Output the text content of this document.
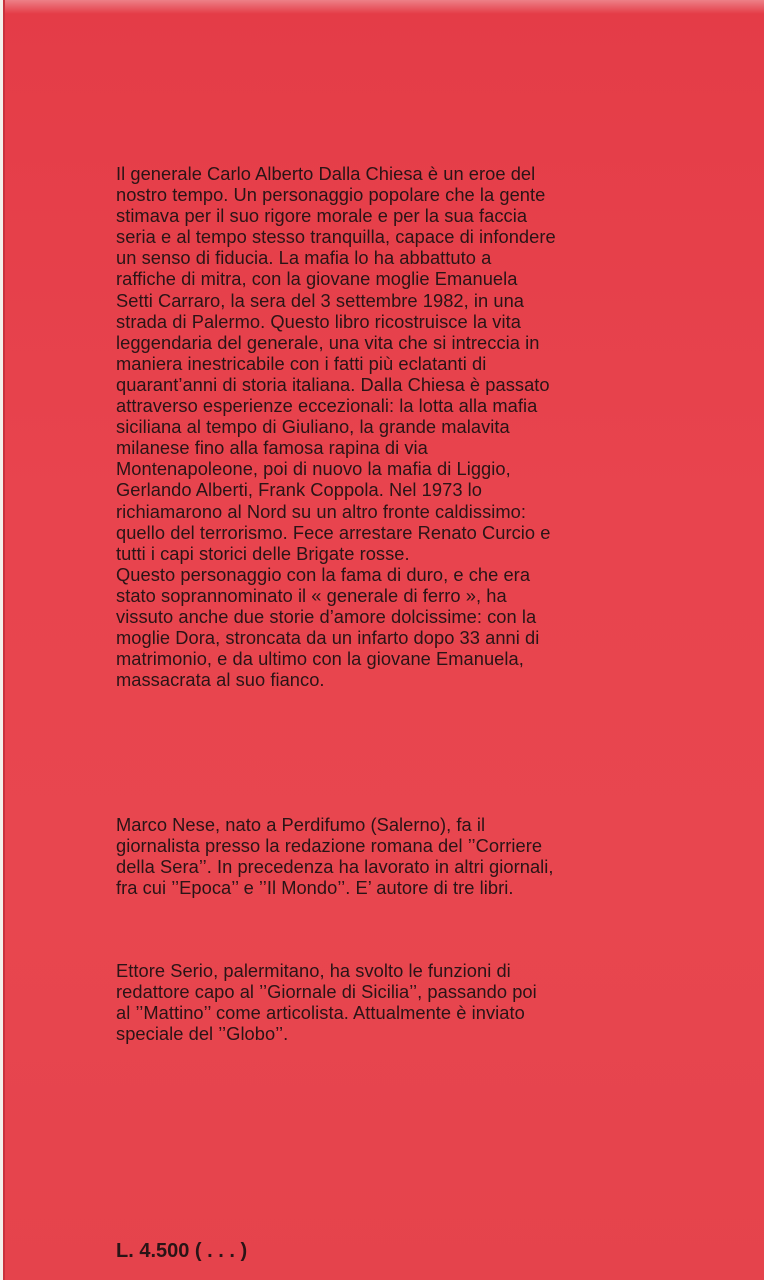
Il generale Carlo Alberto Dalla Chiesa è un eroe del
nostro tempo. Un personaggio popolare che la gente
stimava per il suo rigore morale e per la sua faccia
seria e al tempo stesso tranquilla, capace di infondere
un senso di fiducia. La mafia lo ha abbattuto a
raffiche di mitra, con la giovane moglie Emanuela
Setti Carraro, la sera del 3 settembre 1982, in una
strada di Palermo. Questo libro ricostruisce la vita
leggendaria del generale, una vita che si intreccia in
maniera inestricabile con i fatti più eclatanti di
quarant’anni di storia italiana. Dalla Chiesa è passato
attraverso esperienze eccezionali: la lotta alla mafia
siciliana al tempo di Giuliano, la grande malavita
milanese fino alla famosa rapina di via
Montenapoleone, poi di nuovo la mafia di Liggio,
Gerlando Alberti, Frank Coppola. Nel 1973 lo
richiamarono al Nord su un altro fronte caldissimo:
quello del terrorismo. Fece arrestare Renato Curcio e
tutti i capi storici delle Brigate rosse.
Questo personaggio con la fama di duro, e che era
stato soprannominato il « generale di ferro », ha
vissuto anche due storie d’amore dolcissime: con la
moglie Dora, stroncata da un infarto dopo 33 anni di
matrimonio, e da ultimo con la giovane Emanuela,
massacrata al suo fianco.
Marco Nese, nato a Perdifumo (Salerno), fa il
giornalista presso la redazione romana del ’’Corriere
della Sera’’. In precedenza ha lavorato in altri giornali,
fra cui ’’Epoca’’ e ’’Il Mondo’’. E’ autore di tre libri.
Ettore Serio, palermitano, ha svolto le funzioni di
redattore capo al ’’Giornale di Sicilia’’, passando poi
al ’’Mattino’’ come articolista. Attualmente è inviato
speciale del ’’Globo’’.
L. 4.500 ( . . . )
